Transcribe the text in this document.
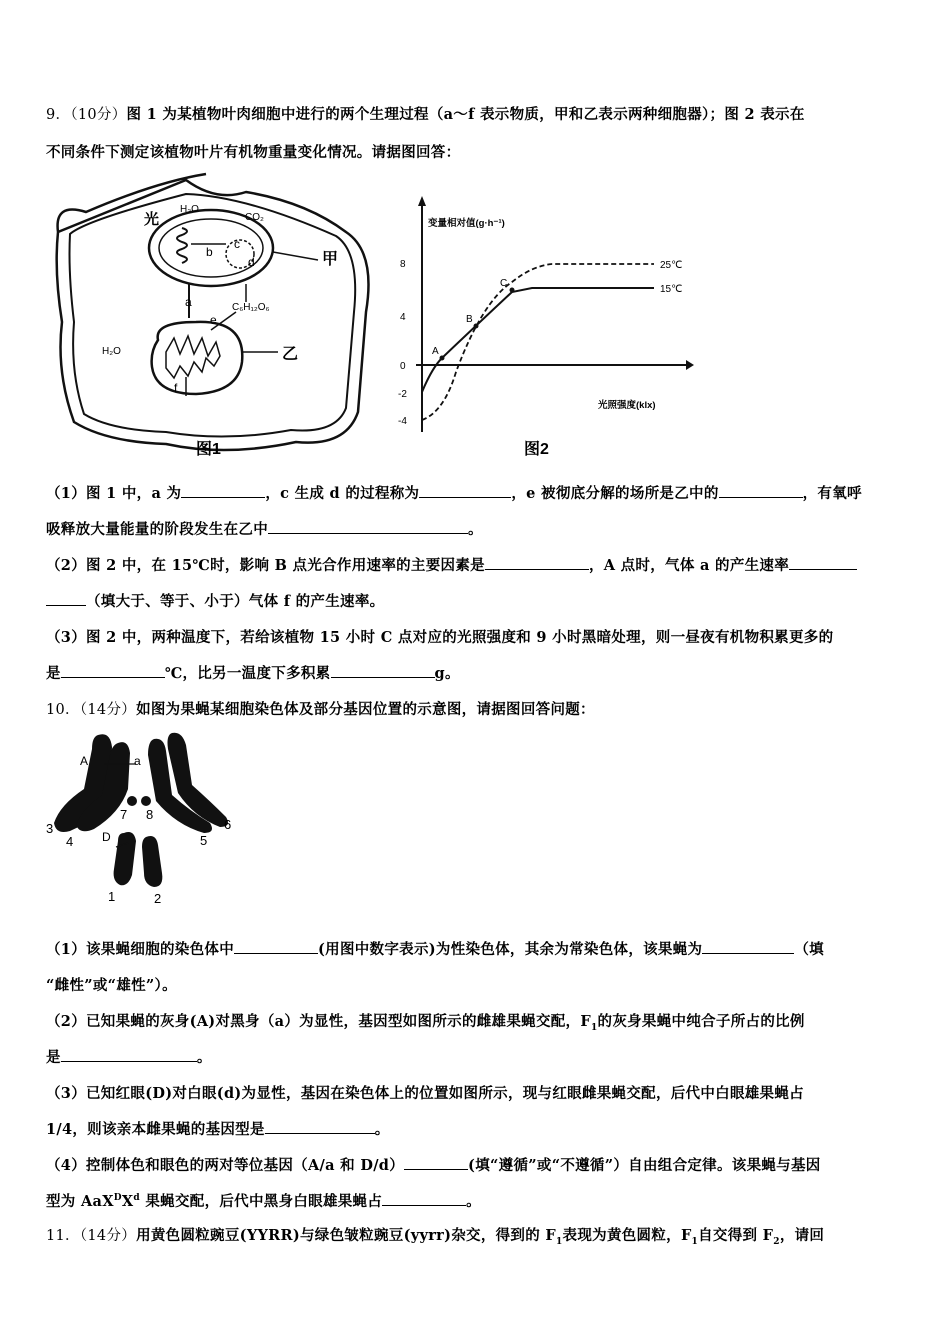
9．（10分）图 1 为某植物叶肉细胞中进行的两个生理过程（a～f 表示物质，甲和乙表示两种细胞器）；图 2 表示在
不同条件下测定该植物叶片有机物重量变化情况。请据图回答：
光
H₂O
CO₂
b
c
d	甲
a	C₆H₁₂O₆
e
H₂O	乙
f
图1
变量相对值(g·h⁻¹)
8
4
0
-2
-4
A
B
C
25℃
15℃
光照强度(klx)
图2
（1）图 1 中，a 为	，c 生成 d 的过程称为	，e 被彻底分解的场所是乙中的	，有氧呼
吸释放大量能量的阶段发生在乙中	。
（2）图 2 中，在 15℃时，影响 B 点光合作用速率的主要因素是	，A 点时，气体 a 的产生速率
（填大于、等于、小于）气体 f 的产生速率。
（3）图 2 中，两种温度下，若给该植物 15 小时 C 点对应的光照强度和 9 小时黑暗处理，则一昼夜有机物积累更多的
是	℃，比另一温度下多积累	g。
10．（14分）如图为果蝇某细胞染色体及部分基因位置的示意图，请据图回答问题：
A	a
3
4
7 8
5
6
D
1	2
（1）该果蝇细胞的染色体中	(用图中数字表示)为性染色体，其余为常染色体，该果蝇为	（填
“雌性”或“雄性”）。
（2）已知果蝇的灰身(A)对黑身（a）为显性，基因型如图所示的雌雄果蝇交配，$F_1$的灰身果蝇中纯合子所占的比例
是	。
（3）已知红眼(D)对白眼(d)为显性，基因在染色体上的位置如图所示，现与红眼雌果蝇交配，后代中白眼雄果蝇占
1/4，则该亲本雌果蝇的基因型是	。
（4）控制体色和眼色的两对等位基因（A/a 和 D/d）	(填“遵循”或“不遵循”）自由组合定律。该果蝇与基因
型为 $AaX^DX^d$ 果蝇交配，后代中黑身白眼雄果蝇占	。
11．（14分）用黄色圆粒豌豆(YYRR)与绿色皱粒豌豆(yyrr)杂交，得到的 $F_1$表现为黄色圆粒，$F_1$自交得到 $F_2$，请回
